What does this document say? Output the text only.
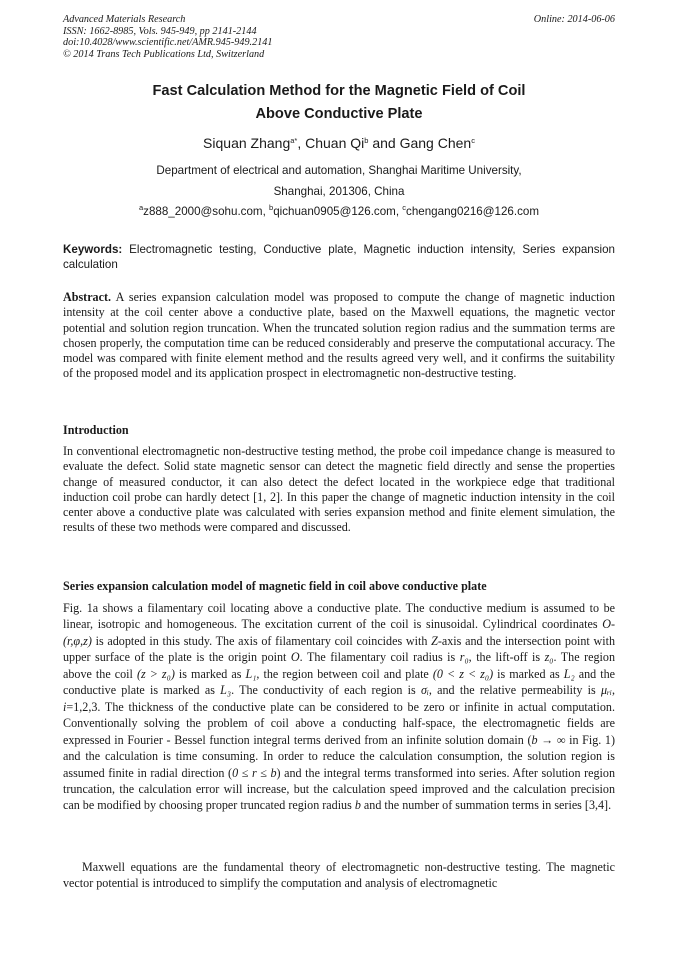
Advanced Materials Research
ISSN: 1662-8985, Vols. 945-949, pp 2141-2144
doi:10.4028/www.scientific.net/AMR.945-949.2141
© 2014 Trans Tech Publications Ltd, Switzerland
Online: 2014-06-06
Fast Calculation Method for the Magnetic Field of Coil
Above Conductive Plate
Siquan Zhang$^{a*}$, Chuan Qi$^b$ and Gang Chen$^c$
Department of electrical and automation, Shanghai Maritime University,
Shanghai, 201306, China
$^a$z888_2000@sohu.com, $^b$qichuan0905@126.com, $^c$chengang0216@126.com
Keywords: Electromagnetic testing, Conductive plate, Magnetic induction intensity, Series expansion calculation
Abstract. A series expansion calculation model was proposed to compute the change of magnetic induction intensity at the coil center above a conductive plate, based on the Maxwell equations, the magnetic vector potential and solution region truncation. When the truncated solution region radius and the summation terms are chosen properly, the computation time can be reduced considerably and preserve the computational accuracy. The model was compared with finite element method and the results agreed very well, and it confirms the suitability of the proposed model and its application prospect in electromagnetic non-destructive testing.
Introduction
In conventional electromagnetic non-destructive testing method, the probe coil impedance change is measured to evaluate the defect. Solid state magnetic sensor can detect the magnetic field directly and sense the properties change of measured conductor, it can also detect the defect located in the workpiece edge that traditional induction coil probe can hardly detect [1, 2]. In this paper the change of magnetic induction intensity in the coil center above a conductive plate was calculated with series expansion method and finite element simulation, the results of these two methods were compared and discussed.
Series expansion calculation model of magnetic field in coil above conductive plate
Fig. 1a shows a filamentary coil locating above a conductive plate. The conductive medium is assumed to be linear, isotropic and homogeneous. The excitation current of the coil is sinusoidal. Cylindrical coordinates O-(r,φ,z) is adopted in this study. The axis of filamentary coil coincides with Z-axis and the intersection point with upper surface of the plate is the origin point O. The filamentary coil radius is r₀, the lift-off is z₀. The region above the coil (z > z₀) is marked as L₁, the region between coil and plate (0 < z < z₀) is marked as L₂ and the conductive plate is marked as L₃. The conductivity of each region is σᵢ, and the relative permeability is μᵣᵢ, i=1,2,3. The thickness of the conductive plate can be considered to be zero or infinite in actual computation. Conventionally solving the problem of coil above a conducting half-space, the electromagnetic fields are expressed in Fourier - Bessel function integral terms derived from an infinite solution domain (b → ∞ in Fig. 1) and the calculation is time consuming. In order to reduce the calculation consumption, the solution region is assumed finite in radial direction (0 ≤ r ≤ b) and the integral terms transformed into series. After solution region truncation, the calculation error will increase, but the calculation speed improved and the calculation precision can be modified by choosing proper truncated region radius b and the number of summation terms in series [3,4].
Maxwell equations are the fundamental theory of electromagnetic non-destructive testing. The magnetic vector potential is introduced to simplify the computation and analysis of electromagnetic
